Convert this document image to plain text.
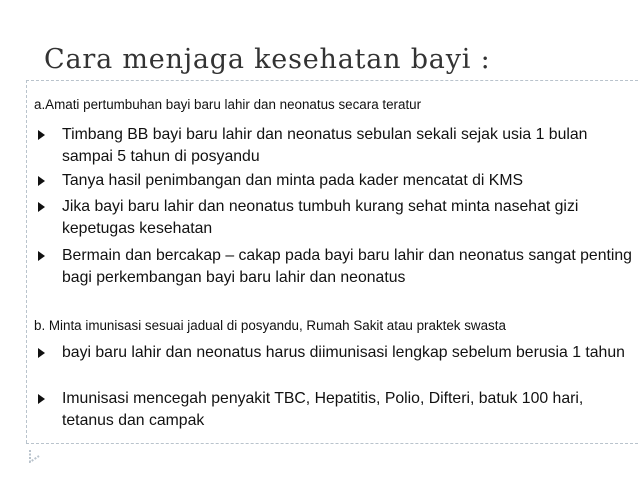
Cara menjaga kesehatan bayi :
a.Amati pertumbuhan bayi baru lahir dan neonatus secara teratur
Timbang BB bayi baru lahir dan neonatus sebulan sekali sejak usia 1 bulan sampai 5 tahun di posyandu
Tanya hasil penimbangan dan minta pada kader mencatat di KMS
Jika bayi baru lahir dan neonatus tumbuh kurang sehat minta nasehat gizi kepetugas kesehatan
Bermain dan bercakap – cakap pada bayi baru lahir dan neonatus sangat penting bagi perkembangan bayi baru lahir dan neonatus
b. Minta imunisasi sesuai jadual di posyandu, Rumah Sakit atau praktek swasta
bayi baru lahir dan neonatus harus diimunisasi lengkap sebelum berusia 1 tahun
Imunisasi mencegah penyakit TBC, Hepatitis, Polio, Difteri, batuk 100 hari, tetanus dan campak
